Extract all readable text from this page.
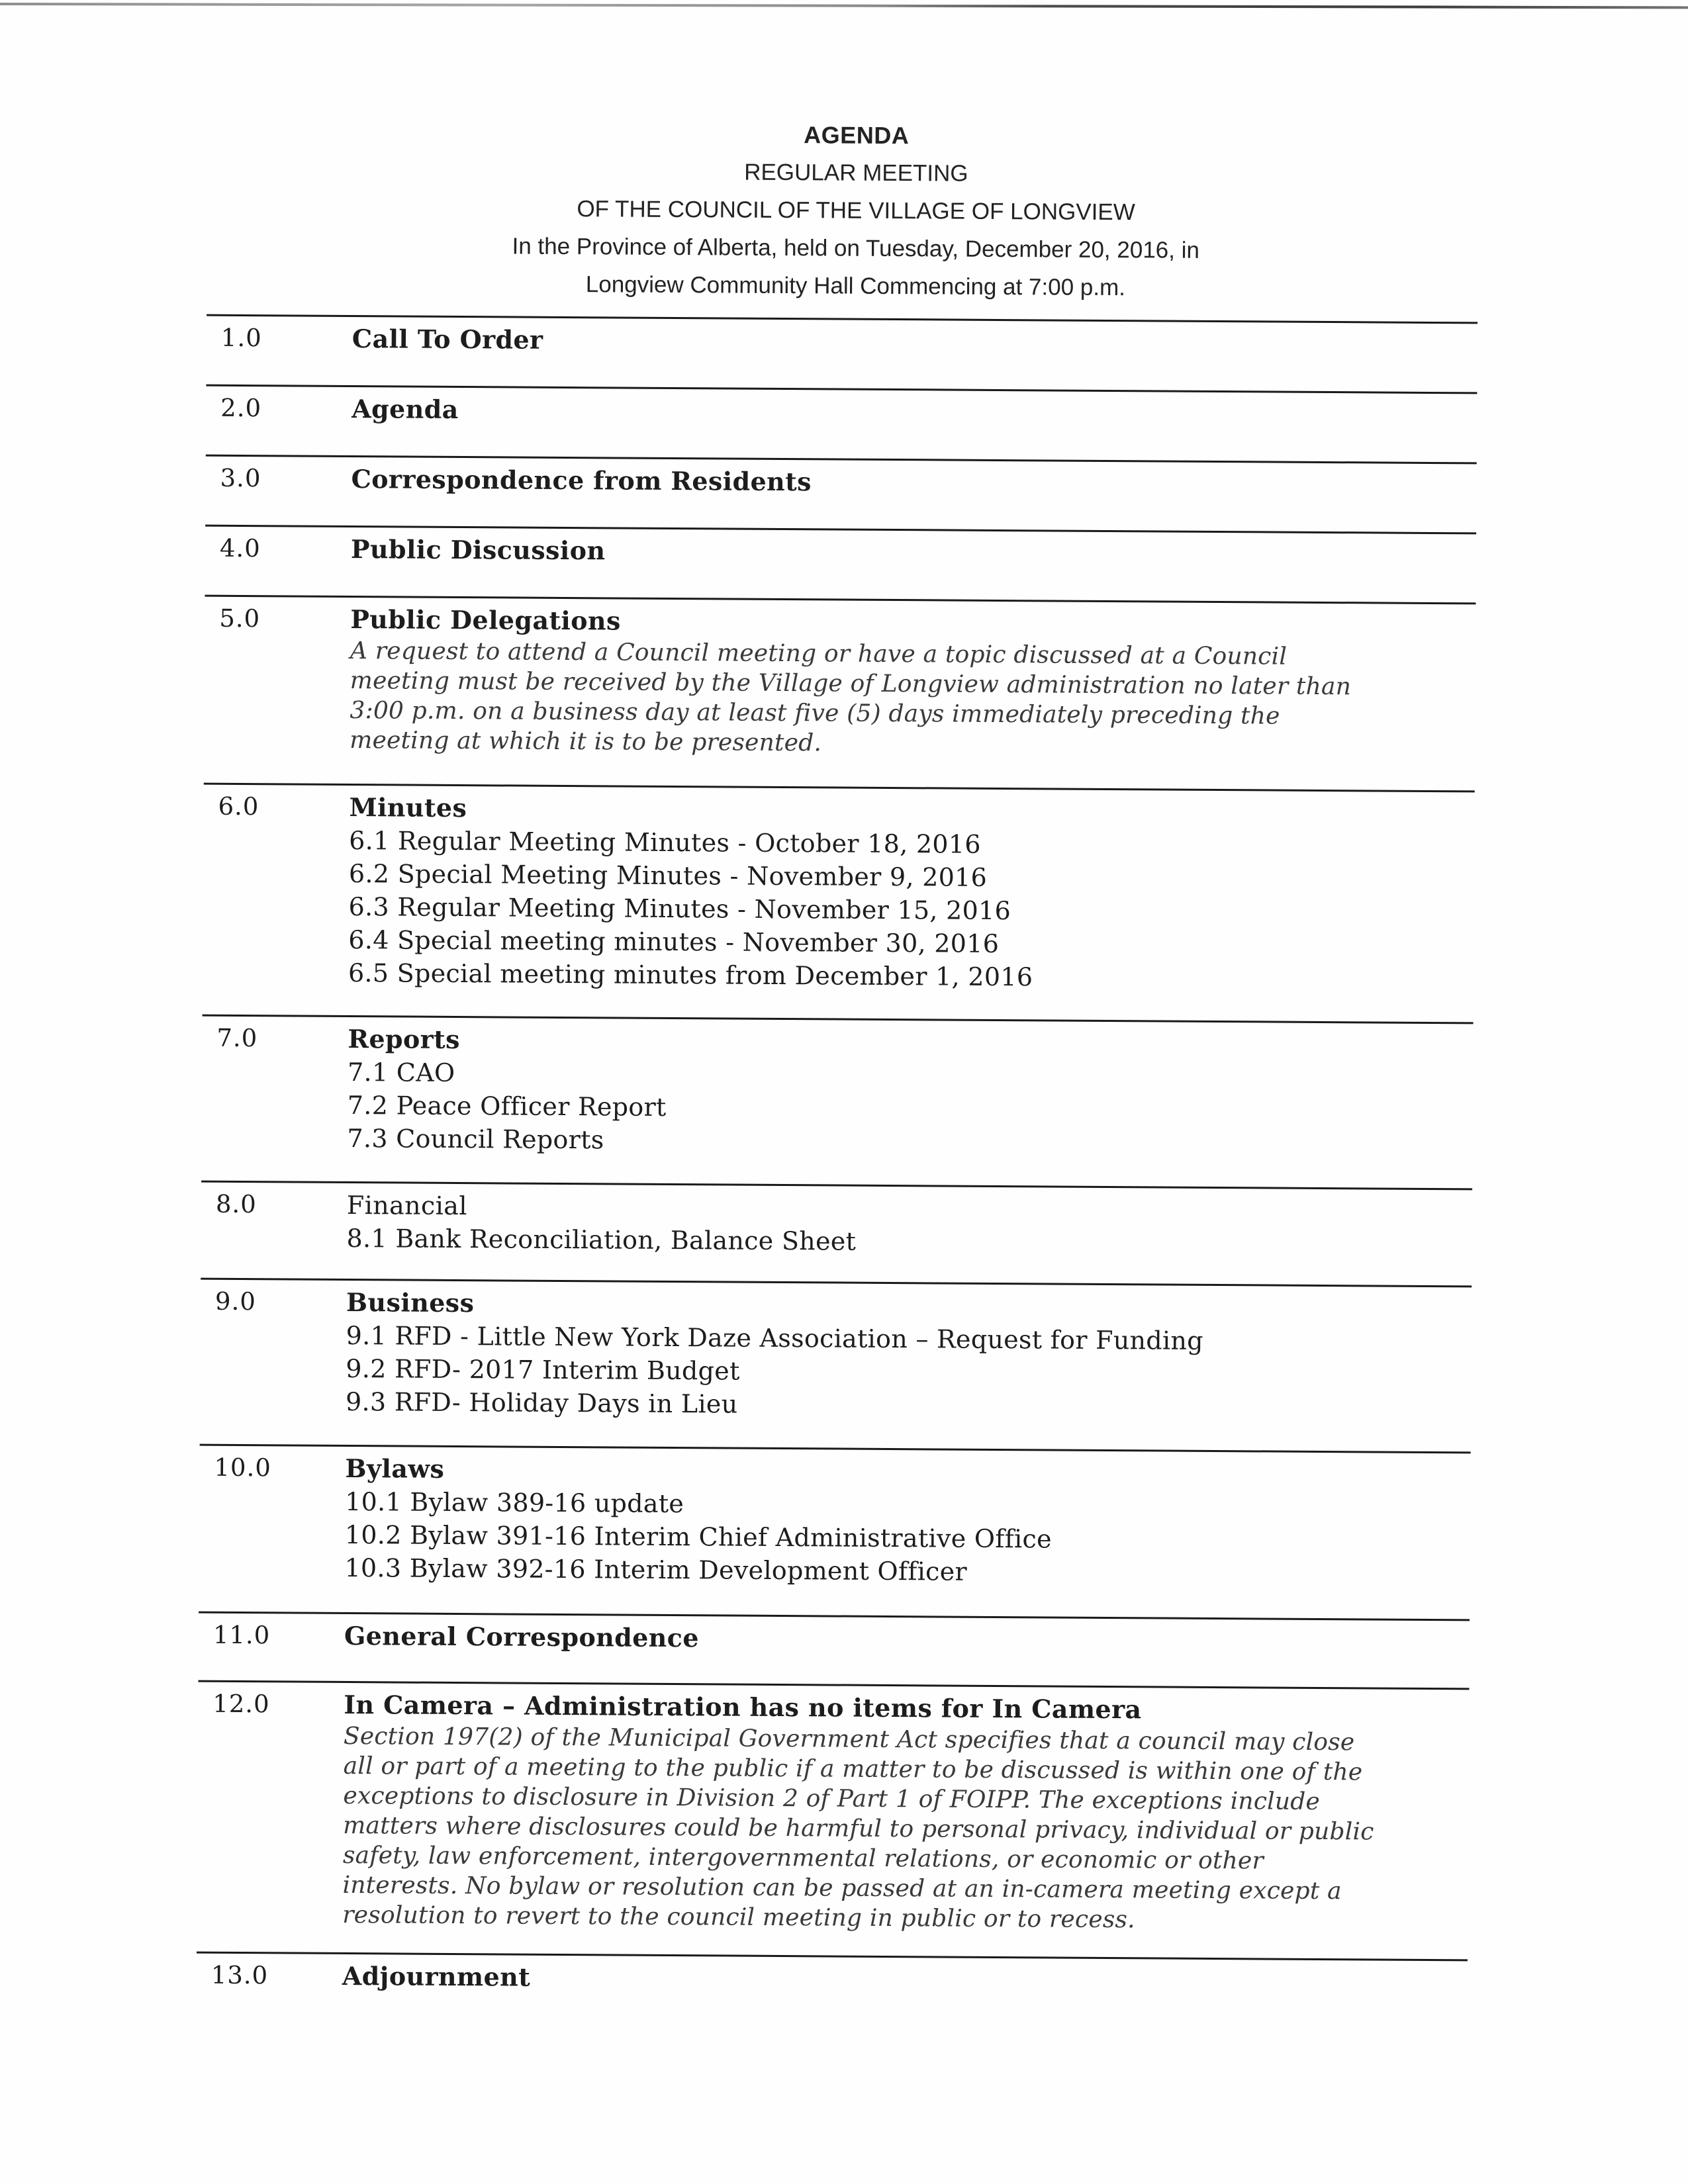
AGENDA
REGULAR MEETING
OF THE COUNCIL OF THE VILLAGE OF LONGVIEW
In the Province of Alberta, held on Tuesday, December 20, 2016, in
Longview Community Hall Commencing at 7:00 p.m.
1.0	Call To Order
2.0	Agenda
3.0	Correspondence from Residents
4.0	Public Discussion
5.0	Public Delegations
A request to attend a Council meeting or have a topic discussed at a Council meeting must be received by the Village of Longview administration no later than 3:00 p.m. on a business day at least five (5) days immediately preceding the meeting at which it is to be presented.
6.0	Minutes
6.1 Regular Meeting Minutes - October 18, 2016
6.2 Special Meeting Minutes - November 9, 2016
6.3 Regular Meeting Minutes - November 15, 2016
6.4 Special meeting minutes - November 30, 2016
6.5 Special meeting minutes from December 1, 2016
7.0	Reports
7.1 CAO
7.2 Peace Officer Report
7.3 Council Reports
8.0	Financial
8.1 Bank Reconciliation, Balance Sheet
9.0	Business
9.1 RFD - Little New York Daze Association – Request for Funding
9.2 RFD- 2017 Interim Budget
9.3 RFD- Holiday Days in Lieu
10.0	Bylaws
10.1 Bylaw 389-16 update
10.2 Bylaw 391-16 Interim Chief Administrative Office
10.3 Bylaw 392-16 Interim Development Officer
11.0	General Correspondence
12.0	In Camera – Administration has no items for In Camera
Section 197(2) of the Municipal Government Act specifies that a council may close all or part of a meeting to the public if a matter to be discussed is within one of the exceptions to disclosure in Division 2 of Part 1 of FOIPP. The exceptions include matters where disclosures could be harmful to personal privacy, individual or public safety, law enforcement, intergovernmental relations, or economic or other interests. No bylaw or resolution can be passed at an in-camera meeting except a resolution to revert to the council meeting in public or to recess.
13.0	Adjournment
